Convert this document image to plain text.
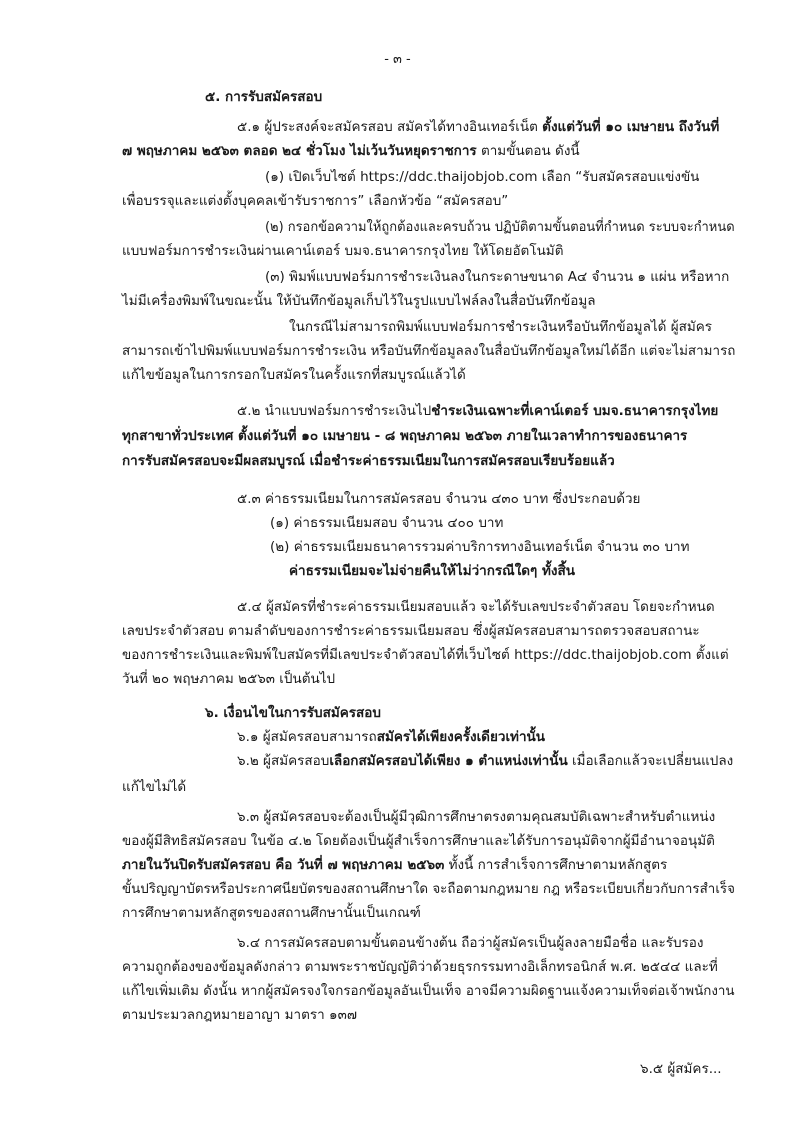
- ๓ -
๕. การรับสมัครสอบ
๕.๑ ผู้ประสงค์จะสมัครสอบ สมัครได้ทางอินเทอร์เน็ต ตั้งแต่วันที่ ๑๐ เมษายน ถึงวันที่
๗ พฤษภาคม ๒๕๖๓ ตลอด ๒๔ ชั่วโมง ไม่เว้นวันหยุดราชการ ตามขั้นตอน ดังนี้
(๑) เปิดเว็บไซต์ https://ddc.thaijobjob.com เลือก “รับสมัครสอบแข่งขัน
เพื่อบรรจุและแต่งตั้งบุคคลเข้ารับราชการ” เลือกหัวข้อ “สมัครสอบ”
(๒) กรอกข้อความให้ถูกต้องและครบถ้วน ปฏิบัติตามขั้นตอนที่กำหนด ระบบจะกำหนด
แบบฟอร์มการชำระเงินผ่านเคาน์เตอร์ บมจ.ธนาคารกรุงไทย ให้โดยอัตโนมัติ
(๓) พิมพ์แบบฟอร์มการชำระเงินลงในกระดาษขนาด A๔ จำนวน ๑ แผ่น หรือหาก
ไม่มีเครื่องพิมพ์ในขณะนั้น ให้บันทึกข้อมูลเก็บไว้ในรูปแบบไฟล์ลงในสื่อบันทึกข้อมูล
ในกรณีไม่สามารถพิมพ์แบบฟอร์มการชำระเงินหรือบันทึกข้อมูลได้ ผู้สมัคร
สามารถเข้าไปพิมพ์แบบฟอร์มการชำระเงิน หรือบันทึกข้อมูลลงในสื่อบันทึกข้อมูลใหม่ได้อีก แต่จะไม่สามารถ
แก้ไขข้อมูลในการกรอกใบสมัครในครั้งแรกที่สมบูรณ์แล้วได้
๕.๒ นำแบบฟอร์มการชำระเงินไปชำระเงินเฉพาะที่เคาน์เตอร์ บมจ.ธนาคารกรุงไทย
ทุกสาขาทั่วประเทศ ตั้งแต่วันที่ ๑๐ เมษายน - ๘ พฤษภาคม ๒๕๖๓ ภายในเวลาทำการของธนาคาร
การรับสมัครสอบจะมีผลสมบูรณ์ เมื่อชำระค่าธรรมเนียมในการสมัครสอบเรียบร้อยแล้ว
๕.๓ ค่าธรรมเนียมในการสมัครสอบ จำนวน ๔๓๐ บาท ซึ่งประกอบด้วย
(๑) ค่าธรรมเนียมสอบ จำนวน ๔๐๐ บาท
(๒) ค่าธรรมเนียมธนาคารรวมค่าบริการทางอินเทอร์เน็ต จำนวน ๓๐ บาท
ค่าธรรมเนียมจะไม่จ่ายคืนให้ไม่ว่ากรณีใดๆ ทั้งสิ้น
๕.๔ ผู้สมัครที่ชำระค่าธรรมเนียมสอบแล้ว จะได้รับเลขประจำตัวสอบ โดยจะกำหนด
เลขประจำตัวสอบ ตามลำดับของการชำระค่าธรรมเนียมสอบ ซึ่งผู้สมัครสอบสามารถตรวจสอบสถานะ
ของการชำระเงินและพิมพ์ใบสมัครที่มีเลขประจำตัวสอบได้ที่เว็บไซต์ https://ddc.thaijobjob.com ตั้งแต่
วันที่ ๒๐ พฤษภาคม ๒๕๖๓ เป็นต้นไป
๖. เงื่อนไขในการรับสมัครสอบ
๖.๑ ผู้สมัครสอบสามารถสมัครได้เพียงครั้งเดียวเท่านั้น
๖.๒ ผู้สมัครสอบเลือกสมัครสอบได้เพียง ๑ ตำแหน่งเท่านั้น เมื่อเลือกแล้วจะเปลี่ยนแปลง
แก้ไขไม่ได้
๖.๓ ผู้สมัครสอบจะต้องเป็นผู้มีวุฒิการศึกษาตรงตามคุณสมบัติเฉพาะสำหรับตำแหน่ง
ของผู้มีสิทธิสมัครสอบ ในข้อ ๔.๒ โดยต้องเป็นผู้สำเร็จการศึกษาและได้รับการอนุมัติจากผู้มีอำนาจอนุมัติ
ภายในวันปิดรับสมัครสอบ คือ วันที่ ๗ พฤษภาคม ๒๕๖๓ ทั้งนี้ การสำเร็จการศึกษาตามหลักสูตร
ขั้นปริญญาบัตรหรือประกาศนียบัตรของสถานศึกษาใด จะถือตามกฎหมาย กฎ หรือระเบียบเกี่ยวกับการสำเร็จ
การศึกษาตามหลักสูตรของสถานศึกษานั้นเป็นเกณฑ์
๖.๔ การสมัครสอบตามขั้นตอนข้างต้น ถือว่าผู้สมัครเป็นผู้ลงลายมือชื่อ และรับรอง
ความถูกต้องของข้อมูลดังกล่าว ตามพระราชบัญญัติว่าด้วยธุรกรรมทางอิเล็กทรอนิกส์ พ.ศ. ๒๕๔๔ และที่
แก้ไขเพิ่มเติม ดังนั้น หากผู้สมัครจงใจกรอกข้อมูลอันเป็นเท็จ อาจมีความผิดฐานแจ้งความเท็จต่อเจ้าพนักงาน
ตามประมวลกฎหมายอาญา มาตรา ๑๓๗
๖.๕ ผู้สมัคร...
